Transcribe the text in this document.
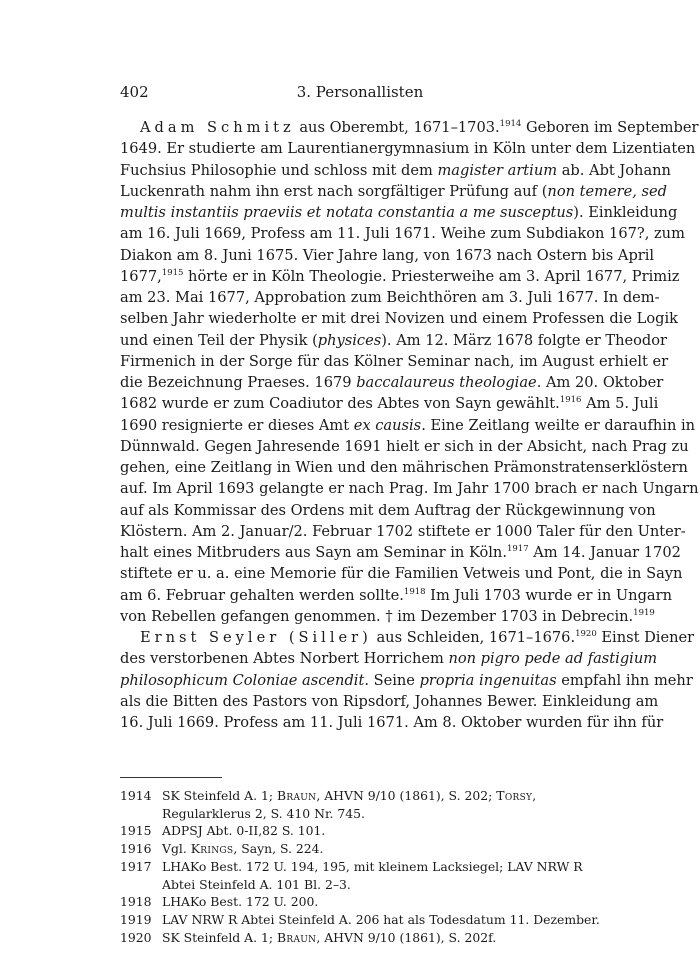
402	3. Personallisten
Adam Schmitz aus Oberembt, 1671–1703.$^{1914}$ Geboren im September
1649. Er studierte am Laurentianergymnasium in Köln unter dem Lizentiaten
Fuchsius Philosophie und schloss mit dem magister artium ab. Abt Johann
Luckenrath nahm ihn erst nach sorgfältiger Prüfung auf (non temere, sed
multis instantiis praeviis et notata constantia a me susceptus). Einkleidung
am 16. Juli 1669, Profess am 11. Juli 1671. Weihe zum Subdiakon 167?, zum
Diakon am 8. Juni 1675. Vier Jahre lang, von 1673 nach Ostern bis April
1677,$^{1915}$ hörte er in Köln Theologie. Priesterweihe am 3. April 1677, Primiz
am 23. Mai 1677, Approbation zum Beichthören am 3. Juli 1677. In dem-
selben Jahr wiederholte er mit drei Novizen und einem Professen die Logik
und einen Teil der Physik (physices). Am 12. März 1678 folgte er Theodor
Firmenich in der Sorge für das Kölner Seminar nach, im August erhielt er
die Bezeichnung Praeses. 1679 baccalaureus theologiae. Am 20. Oktober
1682 wurde er zum Coadiutor des Abtes von Sayn gewählt.$^{1916}$ Am 5. Juli
1690 resignierte er dieses Amt ex causis. Eine Zeitlang weilte er daraufhin in
Dünnwald. Gegen Jahresende 1691 hielt er sich in der Absicht, nach Prag zu
gehen, eine Zeitlang in Wien und den mährischen Prämonstratenserklöstern
auf. Im April 1693 gelangte er nach Prag. Im Jahr 1700 brach er nach Ungarn
auf als Kommissar des Ordens mit dem Auftrag der Rückgewinnung von
Klöstern. Am 2. Januar/2. Februar 1702 stiftete er 1000 Taler für den Unter-
halt eines Mitbruders aus Sayn am Seminar in Köln.$^{1917}$ Am 14. Januar 1702
stiftete er u. a. eine Memorie für die Familien Vetweis und Pont, die in Sayn
am 6. Februar gehalten werden sollte.$^{1918}$ Im Juli 1703 wurde er in Ungarn
von Rebellen gefangen genommen. † im Dezember 1703 in Debrecin.$^{1919}$
Ernst Seyler (Siller) aus Schleiden, 1671–1676.$^{1920}$ Einst Diener
des verstorbenen Abtes Norbert Horrichem non pigro pede ad fastigium
philosophicum Coloniae ascendit. Seine propria ingenuitas empfahl ihn mehr
als die Bitten des Pastors von Ripsdorf, Johannes Bewer. Einkleidung am
16. Juli 1669. Profess am 11. Juli 1671. Am 8. Oktober wurden für ihn für
1914 SK Steinfeld A. 1; Braun, AHVN 9/10 (1861), S. 202; Torsy, Regularklerus 2, S. 410 Nr. 745.
1915 ADPSJ Abt. 0-II,82 S. 101.
1916 Vgl. Krings, Sayn, S. 224.
1917 LHAKo Best. 172 U. 194, 195, mit kleinem Lacksiegel; LAV NRW R Abtei Steinfeld A. 101 Bl. 2–3.
1918 LHAKo Best. 172 U. 200.
1919 LAV NRW R Abtei Steinfeld A. 206 hat als Todesdatum 11. Dezember.
1920 SK Steinfeld A. 1; Braun, AHVN 9/10 (1861), S. 202f.
